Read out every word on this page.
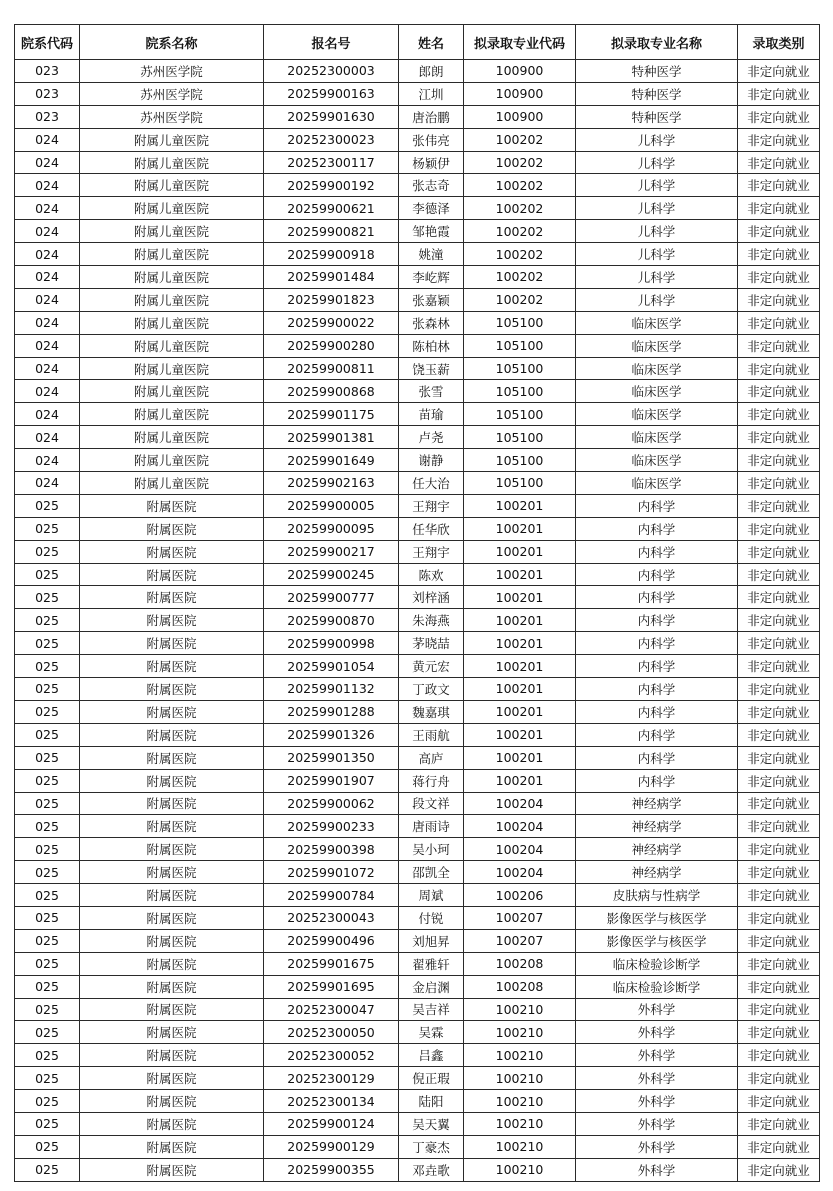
院系代码	院系名称	报名号	姓名	拟录取专业代码	拟录取专业名称	录取类别
023	苏州医学院	20252300003	郎朗	100900	特种医学	非定向就业
023	苏州医学院	20259900163	江圳	100900	特种医学	非定向就业
023	苏州医学院	20259901630	唐治鹏	100900	特种医学	非定向就业
024	附属儿童医院	20252300023	张伟亮	100202	儿科学	非定向就业
024	附属儿童医院	20252300117	杨颖伊	100202	儿科学	非定向就业
024	附属儿童医院	20259900192	张志奇	100202	儿科学	非定向就业
024	附属儿童医院	20259900621	李德泽	100202	儿科学	非定向就业
024	附属儿童医院	20259900821	邹艳霞	100202	儿科学	非定向就业
024	附属儿童医院	20259900918	姚潼	100202	儿科学	非定向就业
024	附属儿童医院	20259901484	李屹辉	100202	儿科学	非定向就业
024	附属儿童医院	20259901823	张嘉颖	100202	儿科学	非定向就业
024	附属儿童医院	20259900022	张森林	105100	临床医学	非定向就业
024	附属儿童医院	20259900280	陈柏林	105100	临床医学	非定向就业
024	附属儿童医院	20259900811	饶玉薪	105100	临床医学	非定向就业
024	附属儿童医院	20259900868	张雪	105100	临床医学	非定向就业
024	附属儿童医院	20259901175	苗瑜	105100	临床医学	非定向就业
024	附属儿童医院	20259901381	卢尧	105100	临床医学	非定向就业
024	附属儿童医院	20259901649	谢静	105100	临床医学	非定向就业
024	附属儿童医院	20259902163	任大治	105100	临床医学	非定向就业
025	附属医院	20259900005	王翔宇	100201	内科学	非定向就业
025	附属医院	20259900095	任华欣	100201	内科学	非定向就业
025	附属医院	20259900217	王翔宇	100201	内科学	非定向就业
025	附属医院	20259900245	陈欢	100201	内科学	非定向就业
025	附属医院	20259900777	刘梓涵	100201	内科学	非定向就业
025	附属医院	20259900870	朱海燕	100201	内科学	非定向就业
025	附属医院	20259900998	茅晓喆	100201	内科学	非定向就业
025	附属医院	20259901054	黄元宏	100201	内科学	非定向就业
025	附属医院	20259901132	丁政文	100201	内科学	非定向就业
025	附属医院	20259901288	魏嘉琪	100201	内科学	非定向就业
025	附属医院	20259901326	王雨航	100201	内科学	非定向就业
025	附属医院	20259901350	高庐	100201	内科学	非定向就业
025	附属医院	20259901907	蒋行舟	100201	内科学	非定向就业
025	附属医院	20259900062	段文祥	100204	神经病学	非定向就业
025	附属医院	20259900233	唐雨诗	100204	神经病学	非定向就业
025	附属医院	20259900398	吴小珂	100204	神经病学	非定向就业
025	附属医院	20259901072	邵凯全	100204	神经病学	非定向就业
025	附属医院	20259900784	周斌	100206	皮肤病与性病学	非定向就业
025	附属医院	20252300043	付锐	100207	影像医学与核医学	非定向就业
025	附属医院	20259900496	刘旭昇	100207	影像医学与核医学	非定向就业
025	附属医院	20259901675	翟雅轩	100208	临床检验诊断学	非定向就业
025	附属医院	20259901695	金启渊	100208	临床检验诊断学	非定向就业
025	附属医院	20252300047	吴吉祥	100210	外科学	非定向就业
025	附属医院	20252300050	吴霖	100210	外科学	非定向就业
025	附属医院	20252300052	吕鑫	100210	外科学	非定向就业
025	附属医院	20252300129	倪正瑕	100210	外科学	非定向就业
025	附属医院	20252300134	陆阳	100210	外科学	非定向就业
025	附属医院	20259900124	吴天翼	100210	外科学	非定向就业
025	附属医院	20259900129	丁豪杰	100210	外科学	非定向就业
025	附属医院	20259900355	邓垚歌	100210	外科学	非定向就业
